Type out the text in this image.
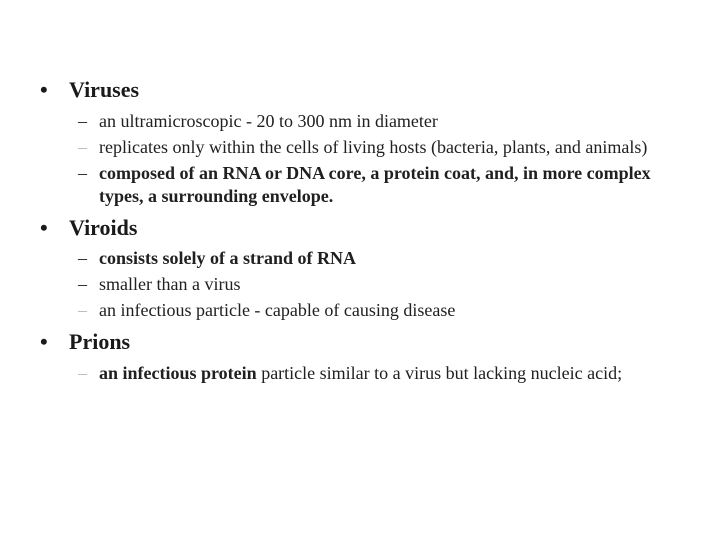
• Viruses
– an ultramicroscopic - 20 to 300 nm in diameter
– replicates only within the cells of living hosts (bacteria, plants, and animals)
– composed of an RNA or DNA core, a protein coat, and, in more complex types, a surrounding envelope.
• Viroids
– consists solely of a strand of RNA
– smaller than a virus
– an infectious particle - capable of causing disease
• Prions
– an infectious protein particle similar to a virus but lacking nucleic acid;
